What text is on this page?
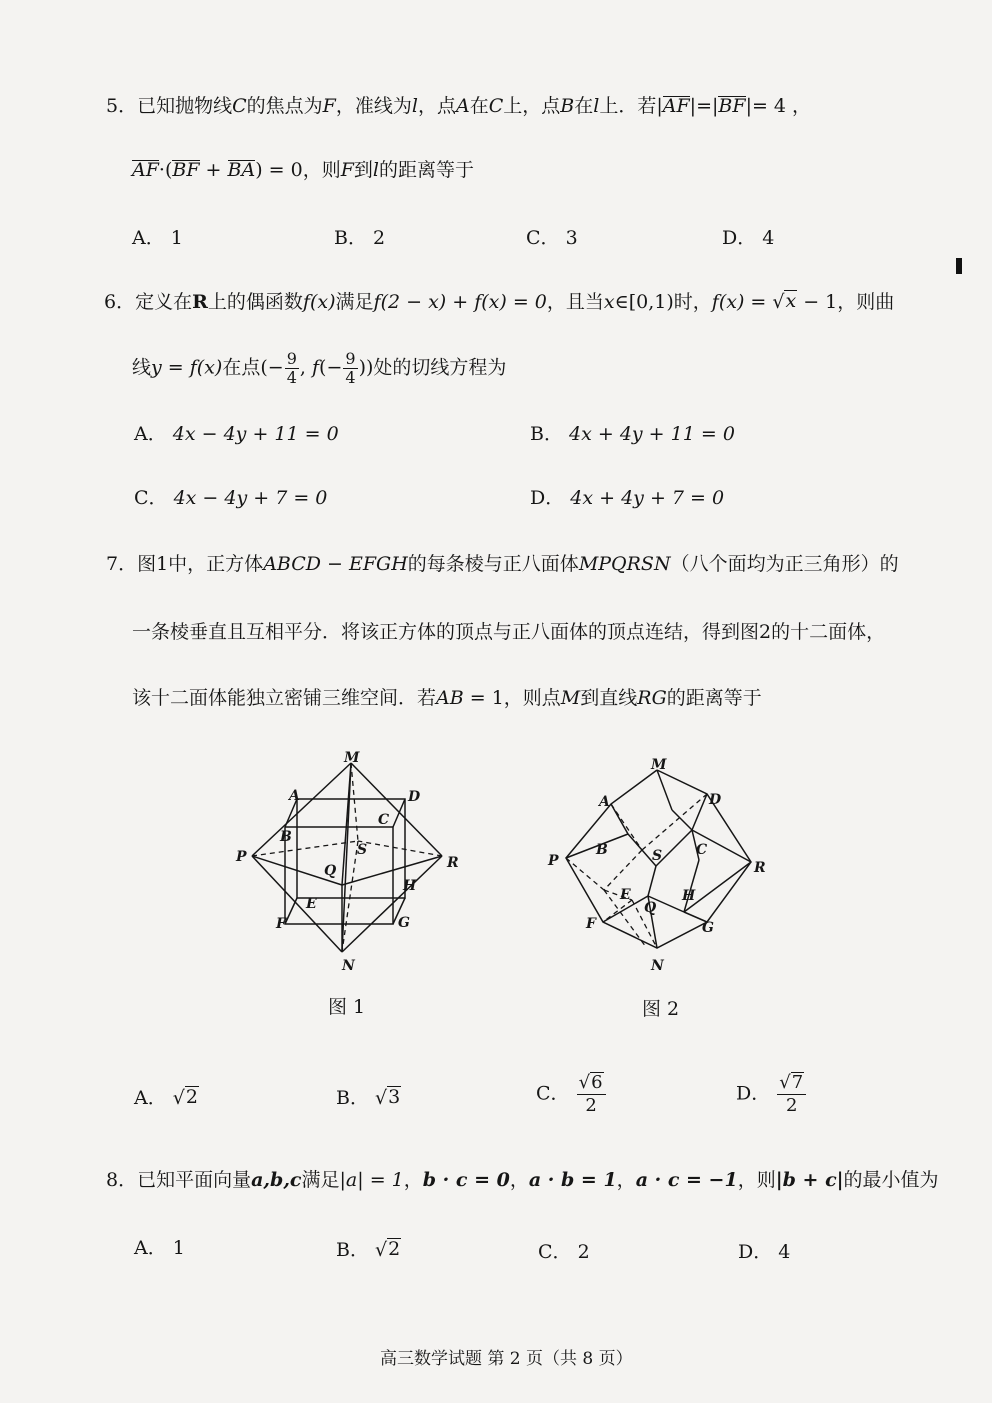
5．已知抛物线C的焦点为F，准线为l，点A在C上，点B在l上．若|AF|=|BF|= 4 ，
AF·(BF + BA) = 0，则F到l的距离等于
A． 1	B． 2	C． 3	D． 4
6．定义在R上的偶函数f(x)满足f(2 − x) + f(x) = 0，且当x∈[0,1)时，f(x) = √ x − 1，则曲
线y = f(x)在点(− $\frac{9}{4}$ , $f(- \frac{9}{4}$ ))处的切线方程为
A． 4x − 4y + 11 = 0	B． 4x + 4y + 11 = 0
C． 4x − 4y + 7 = 0	D． 4x + 4y + 7 = 0
7．图1中，正方体ABCD − EFGH的每条棱与正八面体MPQRSN（八个面均为正三角形）的
一条棱垂直且互相平分．将该正方体的顶点与正八面体的顶点连结，得到图2的十二面体，
该十二面体能独立密铺三维空间．若AB = 1，则点M到直线RG的距离等于
M
A	D
B
C
S
P
Q	R
H
E
F	G
N
图 1
M
A	D
B	S C
P	R
E	H
Q
F	G
N
图 2
A． √ 2	B． √ 3	C． $\frac{√ 6}{2}$	D． $\frac{√ 7}{2}$
8．已知平面向量a,b,c满足|a| = 1，b · c = 0，a · b = 1，a · c = −1，则|b + c|的最小值为
A． 1	B． √ 2	C． 2	D． 4
高三数学试题 第 2 页（共 8 页）
